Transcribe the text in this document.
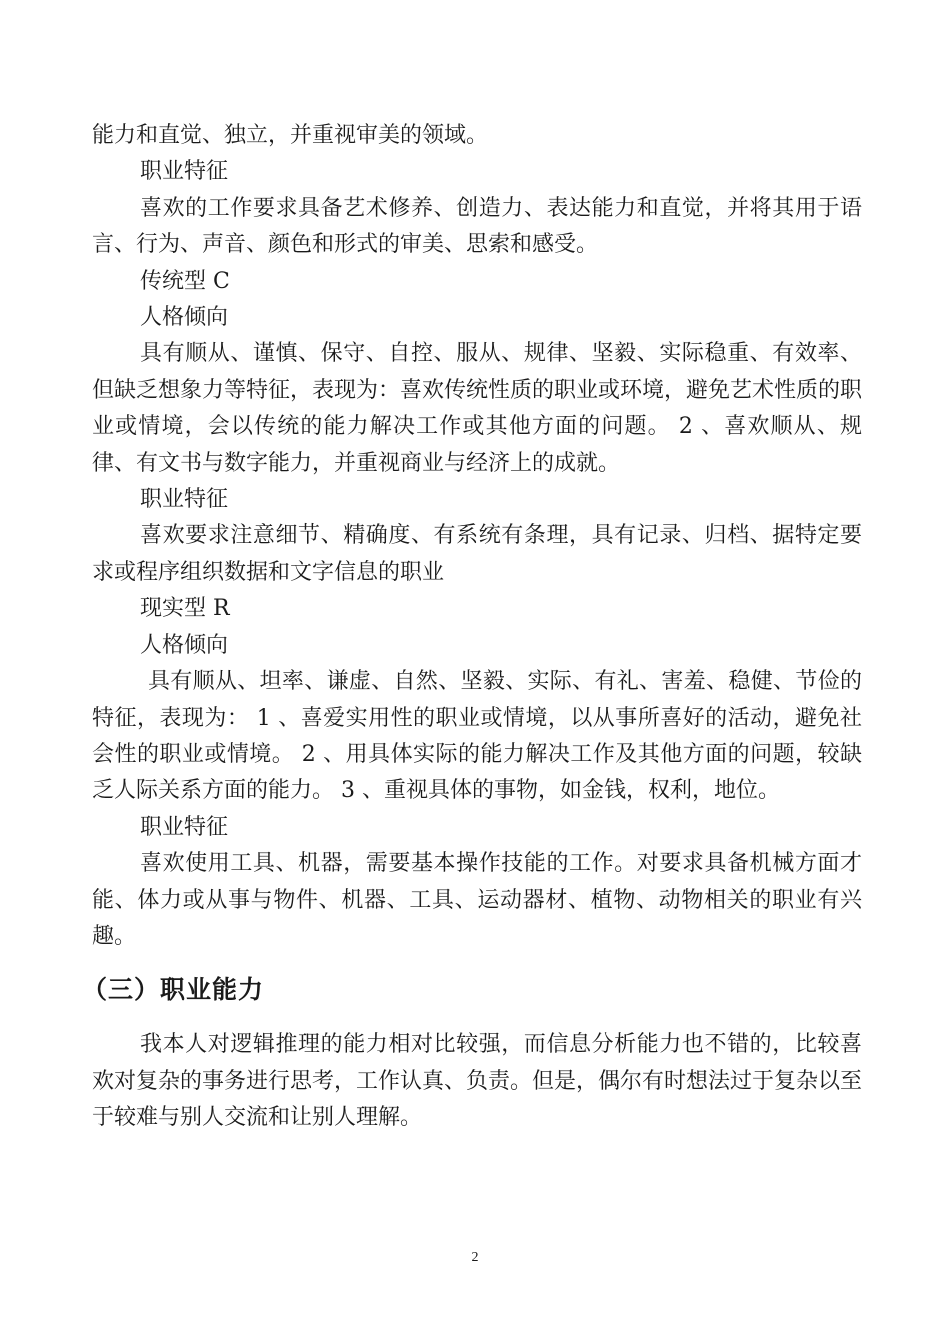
能力和直觉、独立，并重视审美的领域。

职业特征

喜欢的工作要求具备艺术修养、创造力、表达能力和直觉，并将其用于语言、行为、声音、颜色和形式的审美、思索和感受。

传统型 C

人格倾向

具有顺从、谨慎、保守、自控、服从、规律、坚毅、实际稳重、有效率、但缺乏想象力等特征，表现为：喜欢传统性质的职业或环境，避免艺术性质的职业或情境，会以传统的能力解决工作或其他方面的问题。 2 、喜欢顺从、规律、有文书与数字能力，并重视商业与经济上的成就。

职业特征

喜欢要求注意细节、精确度、有系统有条理，具有记录、归档、据特定要求或程序组织数据和文字信息的职业

现实型 R

人格倾向

具有顺从、坦率、谦虚、自然、坚毅、实际、有礼、害羞、稳健、节俭的特征，表现为： 1 、喜爱实用性的职业或情境，以从事所喜好的活动，避免社会性的职业或情境。 2 、用具体实际的能力解决工作及其他方面的问题，较缺乏人际关系方面的能力。 3 、重视具体的事物，如金钱，权利，地位。

职业特征

喜欢使用工具、机器，需要基本操作技能的工作。对要求具备机械方面才能、体力或从事与物件、机器、工具、运动器材、植物、动物相关的职业有兴趣。

（三）职业能力

我本人对逻辑推理的能力相对比较强，而信息分析能力也不错的，比较喜欢对复杂的事务进行思考，工作认真、负责。但是，偶尔有时想法过于复杂以至于较难与别人交流和让别人理解。

2
